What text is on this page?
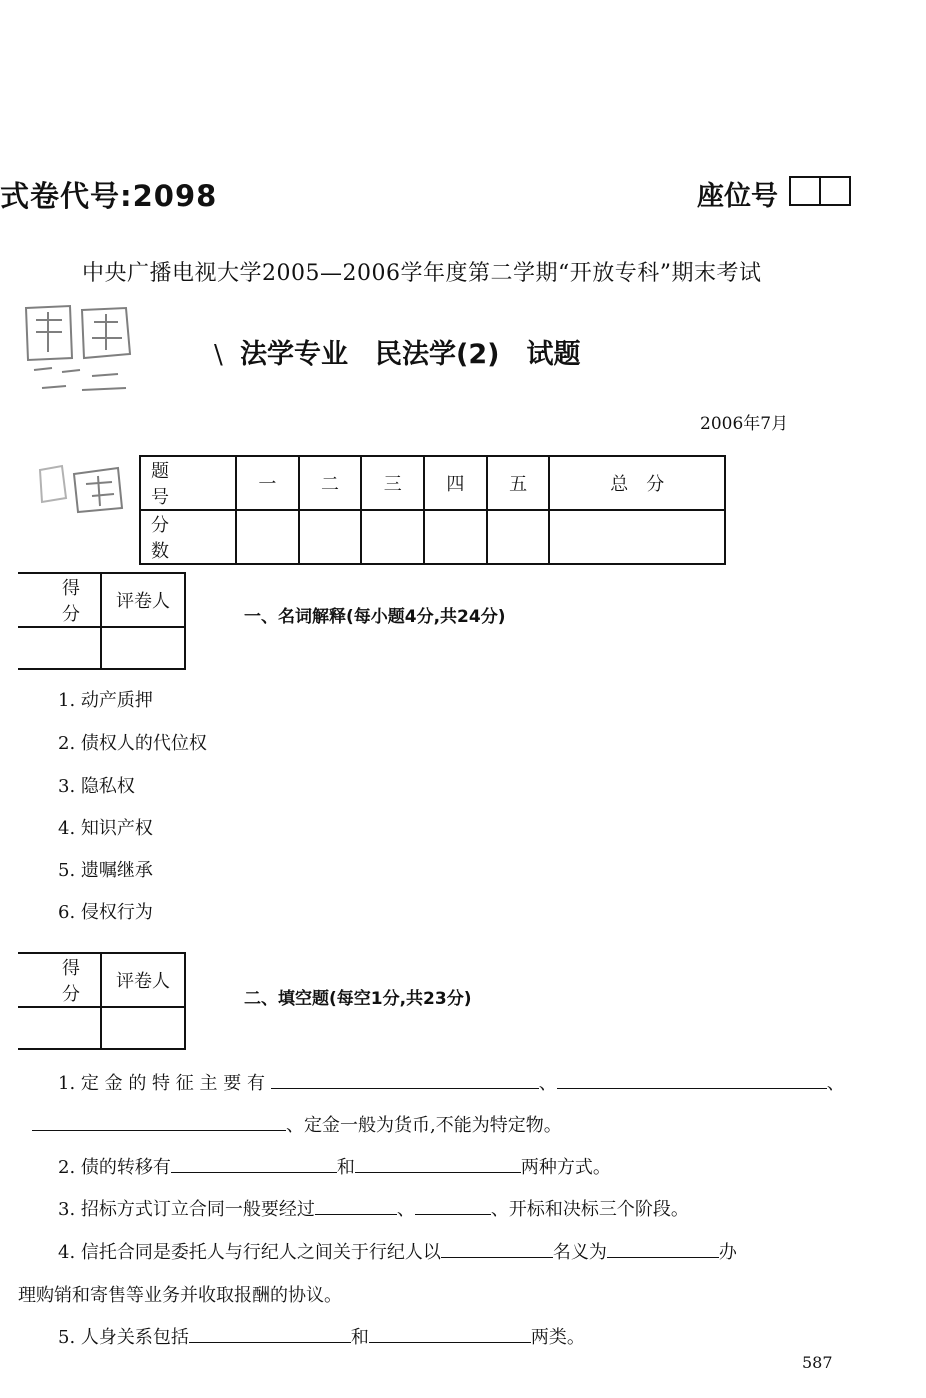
式卷代号:2098	座位号
中央广播电视大学2005—2006学年度第二学期“开放专科”期末考试
\ 法学专业　民法学(2)　试题
2006年7月
题　号	一	二	三	四	五	总　分
分　数						
得　分	评卷人

一、名词解释(每小题4分,共24分)
1. 动产质押
2. 债权人的代位权
3. 隐私权
4. 知识产权
5. 遗嘱继承
6. 侵权行为
得　分	评卷人

二、填空题(每空1分,共23分)
1. 定 金 的 特 征 主 要 有	、	、
、定金一般为货币,不能为特定物。
2. 债的转移有	和	两种方式。
3. 招标方式订立合同一般要经过	、	、开标和决标三个阶段。
4. 信托合同是委托人与行纪人之间关于行纪人以	名义为	办
理购销和寄售等业务并收取报酬的协议。
5. 人身关系包括	和	两类。
587
